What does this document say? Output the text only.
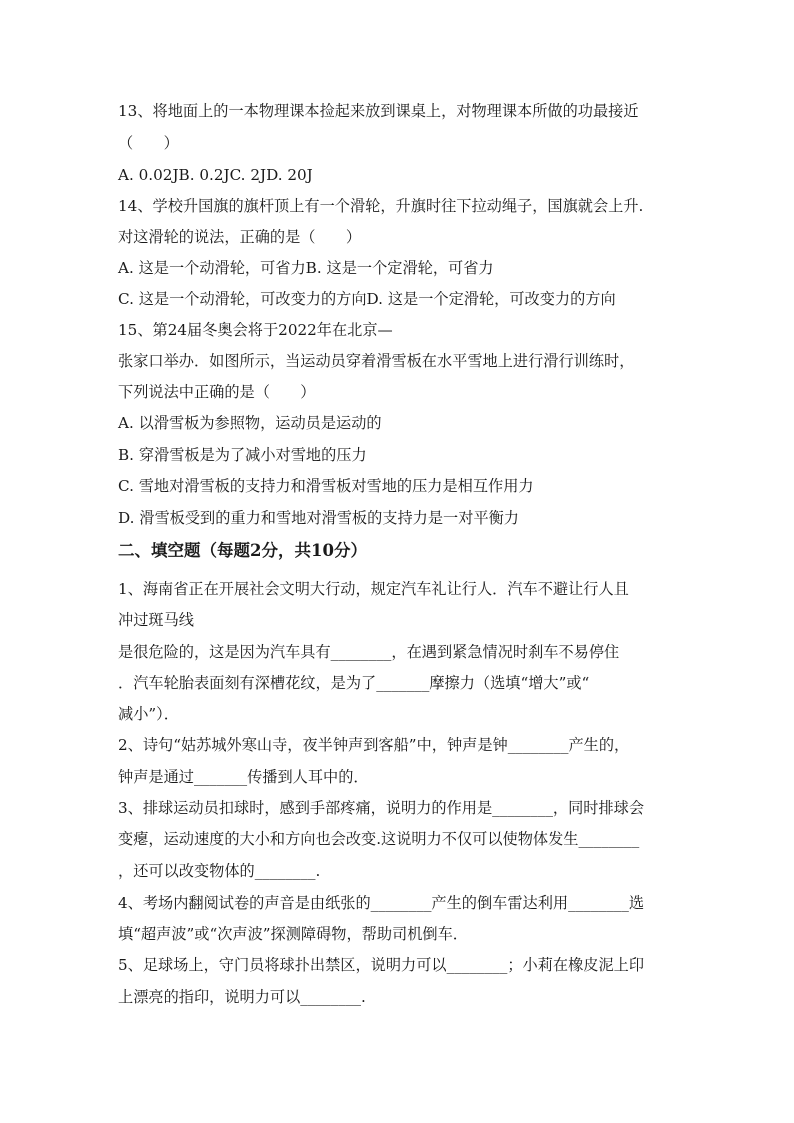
13、将地面上的一本物理课本捡起来放到课桌上，对物理课本所做的功最接近
（　　）
A. 0.02JB. 0.2JC. 2JD. 20J
14、学校升国旗的旗杆顶上有一个滑轮，升旗时往下拉动绳子，国旗就会上升.
对这滑轮的说法，正确的是（　　）
A. 这是一个动滑轮，可省力B. 这是一个定滑轮，可省力
C. 这是一个动滑轮，可改变力的方向D. 这是一个定滑轮，可改变力的方向
15、第24届冬奥会将于2022年在北京—
张家口举办．如图所示，当运动员穿着滑雪板在水平雪地上进行滑行训练时，
下列说法中正确的是（　　）
A. 以滑雪板为参照物，运动员是运动的
B. 穿滑雪板是为了减小对雪地的压力
C. 雪地对滑雪板的支持力和滑雪板对雪地的压力是相互作用力
D. 滑雪板受到的重力和雪地对滑雪板的支持力是一对平衡力
二、填空题（每题2分，共10分）
1、海南省正在开展社会文明大行动，规定汽车礼让行人．汽车不避让行人且
冲过斑马线
是很危险的，这是因为汽车具有________，在遇到紧急情况时刹车不易停住
．汽车轮胎表面刻有深槽花纹，是为了_______摩擦力（选填“增大”或“
减小”）．
2、诗句“姑苏城外寒山寺，夜半钟声到客船”中，钟声是钟________产生的，
钟声是通过_______传播到人耳中的．
3、排球运动员扣球时，感到手部疼痛，说明力的作用是________，同时排球会
变瘪，运动速度的大小和方向也会改变.这说明力不仅可以使物体发生________
，还可以改变物体的________.
4、考场内翻阅试卷的声音是由纸张的________产生的倒车雷达利用________选
填“超声波”或“次声波”探测障碍物，帮助司机倒车．
5、足球场上，守门员将球扑出禁区，说明力可以________；小莉在橡皮泥上印
上漂亮的指印，说明力可以________.
